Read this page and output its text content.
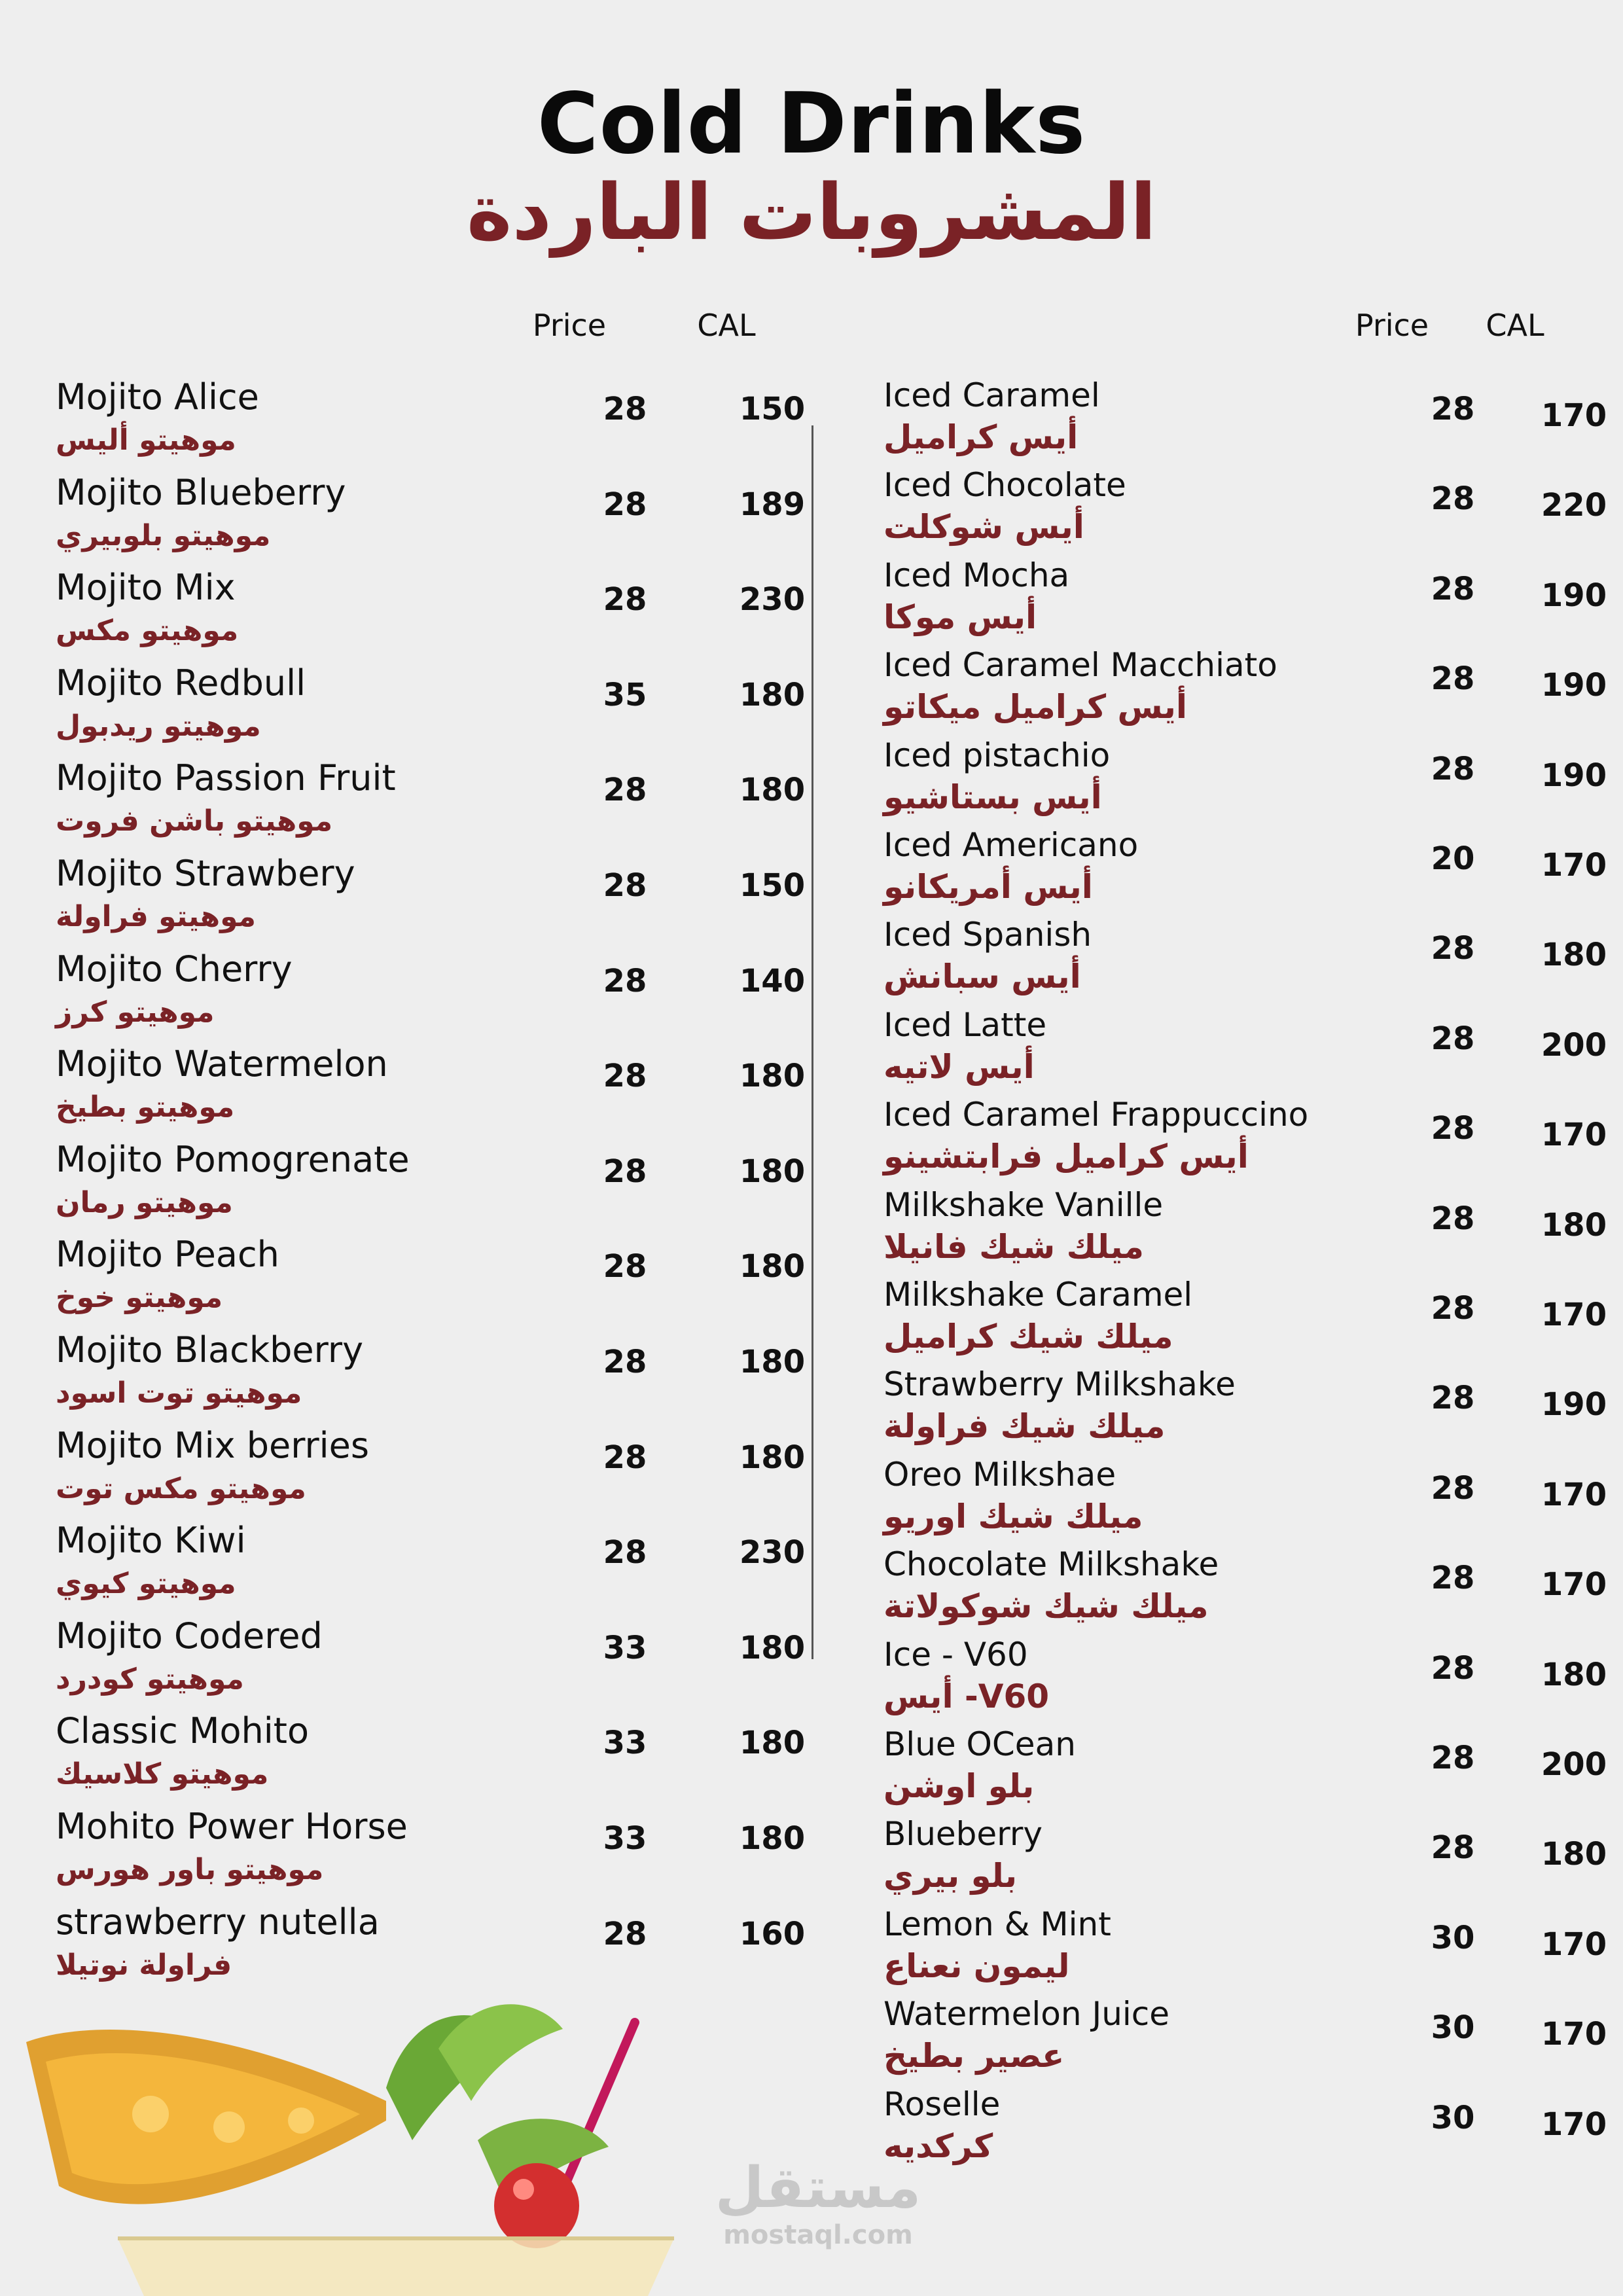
Cold Drinks
المشروبات الباردة
Price	CAL	Price	CAL
Mojito Alice
موهيتو أليس
28	150
Mojito Blueberry
موهيتو بلوبيري
28	189
Mojito Mix
موهيتو مكس
28	230
Mojito Redbull
موهيتو ريدبول
35	180
Mojito Passion Fruit
موهيتو باشن فروت
28	180
Mojito Strawbery
موهيتو فراولة
28	150
Mojito Cherry
موهيتو كرز
28	140
Mojito Watermelon
موهيتو بطيخ
28	180
Mojito Pomogrenate
موهيتو رمان
28	180
Mojito Peach
موهيتو خوخ
28	180
Mojito Blackberry
موهيتو توت اسود
28	180
Mojito Mix berries
موهيتو مكس توت
28	180
Mojito Kiwi
موهيتو كيوي
28	230
Mojito Codered
موهيتو كودرد
33	180
Classic Mohito
موهيتو كلاسيك
33	180
Mohito Power Horse
موهيتو باور هورس
33	180
strawberry nutella
فراولة نوتيلا
28	160
Iced Caramel
أيس كراميل
28	170
Iced Chocolate
أيس شوكلت
28	220
Iced Mocha
أيس موكا
28	190
Iced Caramel Macchiato
أيس كراميل ميكاتو
28	190
Iced pistachio
أيس بستاشيو
28	190
Iced Americano
أيس أمريكانو
20	170
Iced Spanish
أيس سبانش
28	180
Iced Latte
أيس لاتيه
28	200
Iced Caramel Frappuccino
أيس كراميل فرابتشينو
28	170
Milkshake Vanille
ميلك شيك فانيلا
28	180
Milkshake Caramel
ميلك شيك كراميل
28	170
Strawberry Milkshake
ميلك شيك فراولة
28	190
Oreo Milkshae
ميلك شيك اوريو
28	170
Chocolate Milkshake
ميلك شيك شوكولاتة
28	170
Ice - V60
V60- أيس
28	180
Blue OCean
بلو اوشن
28	200
Blueberry
بلو بيري
28	180
Lemon & Mint
ليمون نعناع
30	170
Watermelon Juice
عصير بطيخ
30	170
Roselle
كركديه
30	170
مستقل
mostaql.com
